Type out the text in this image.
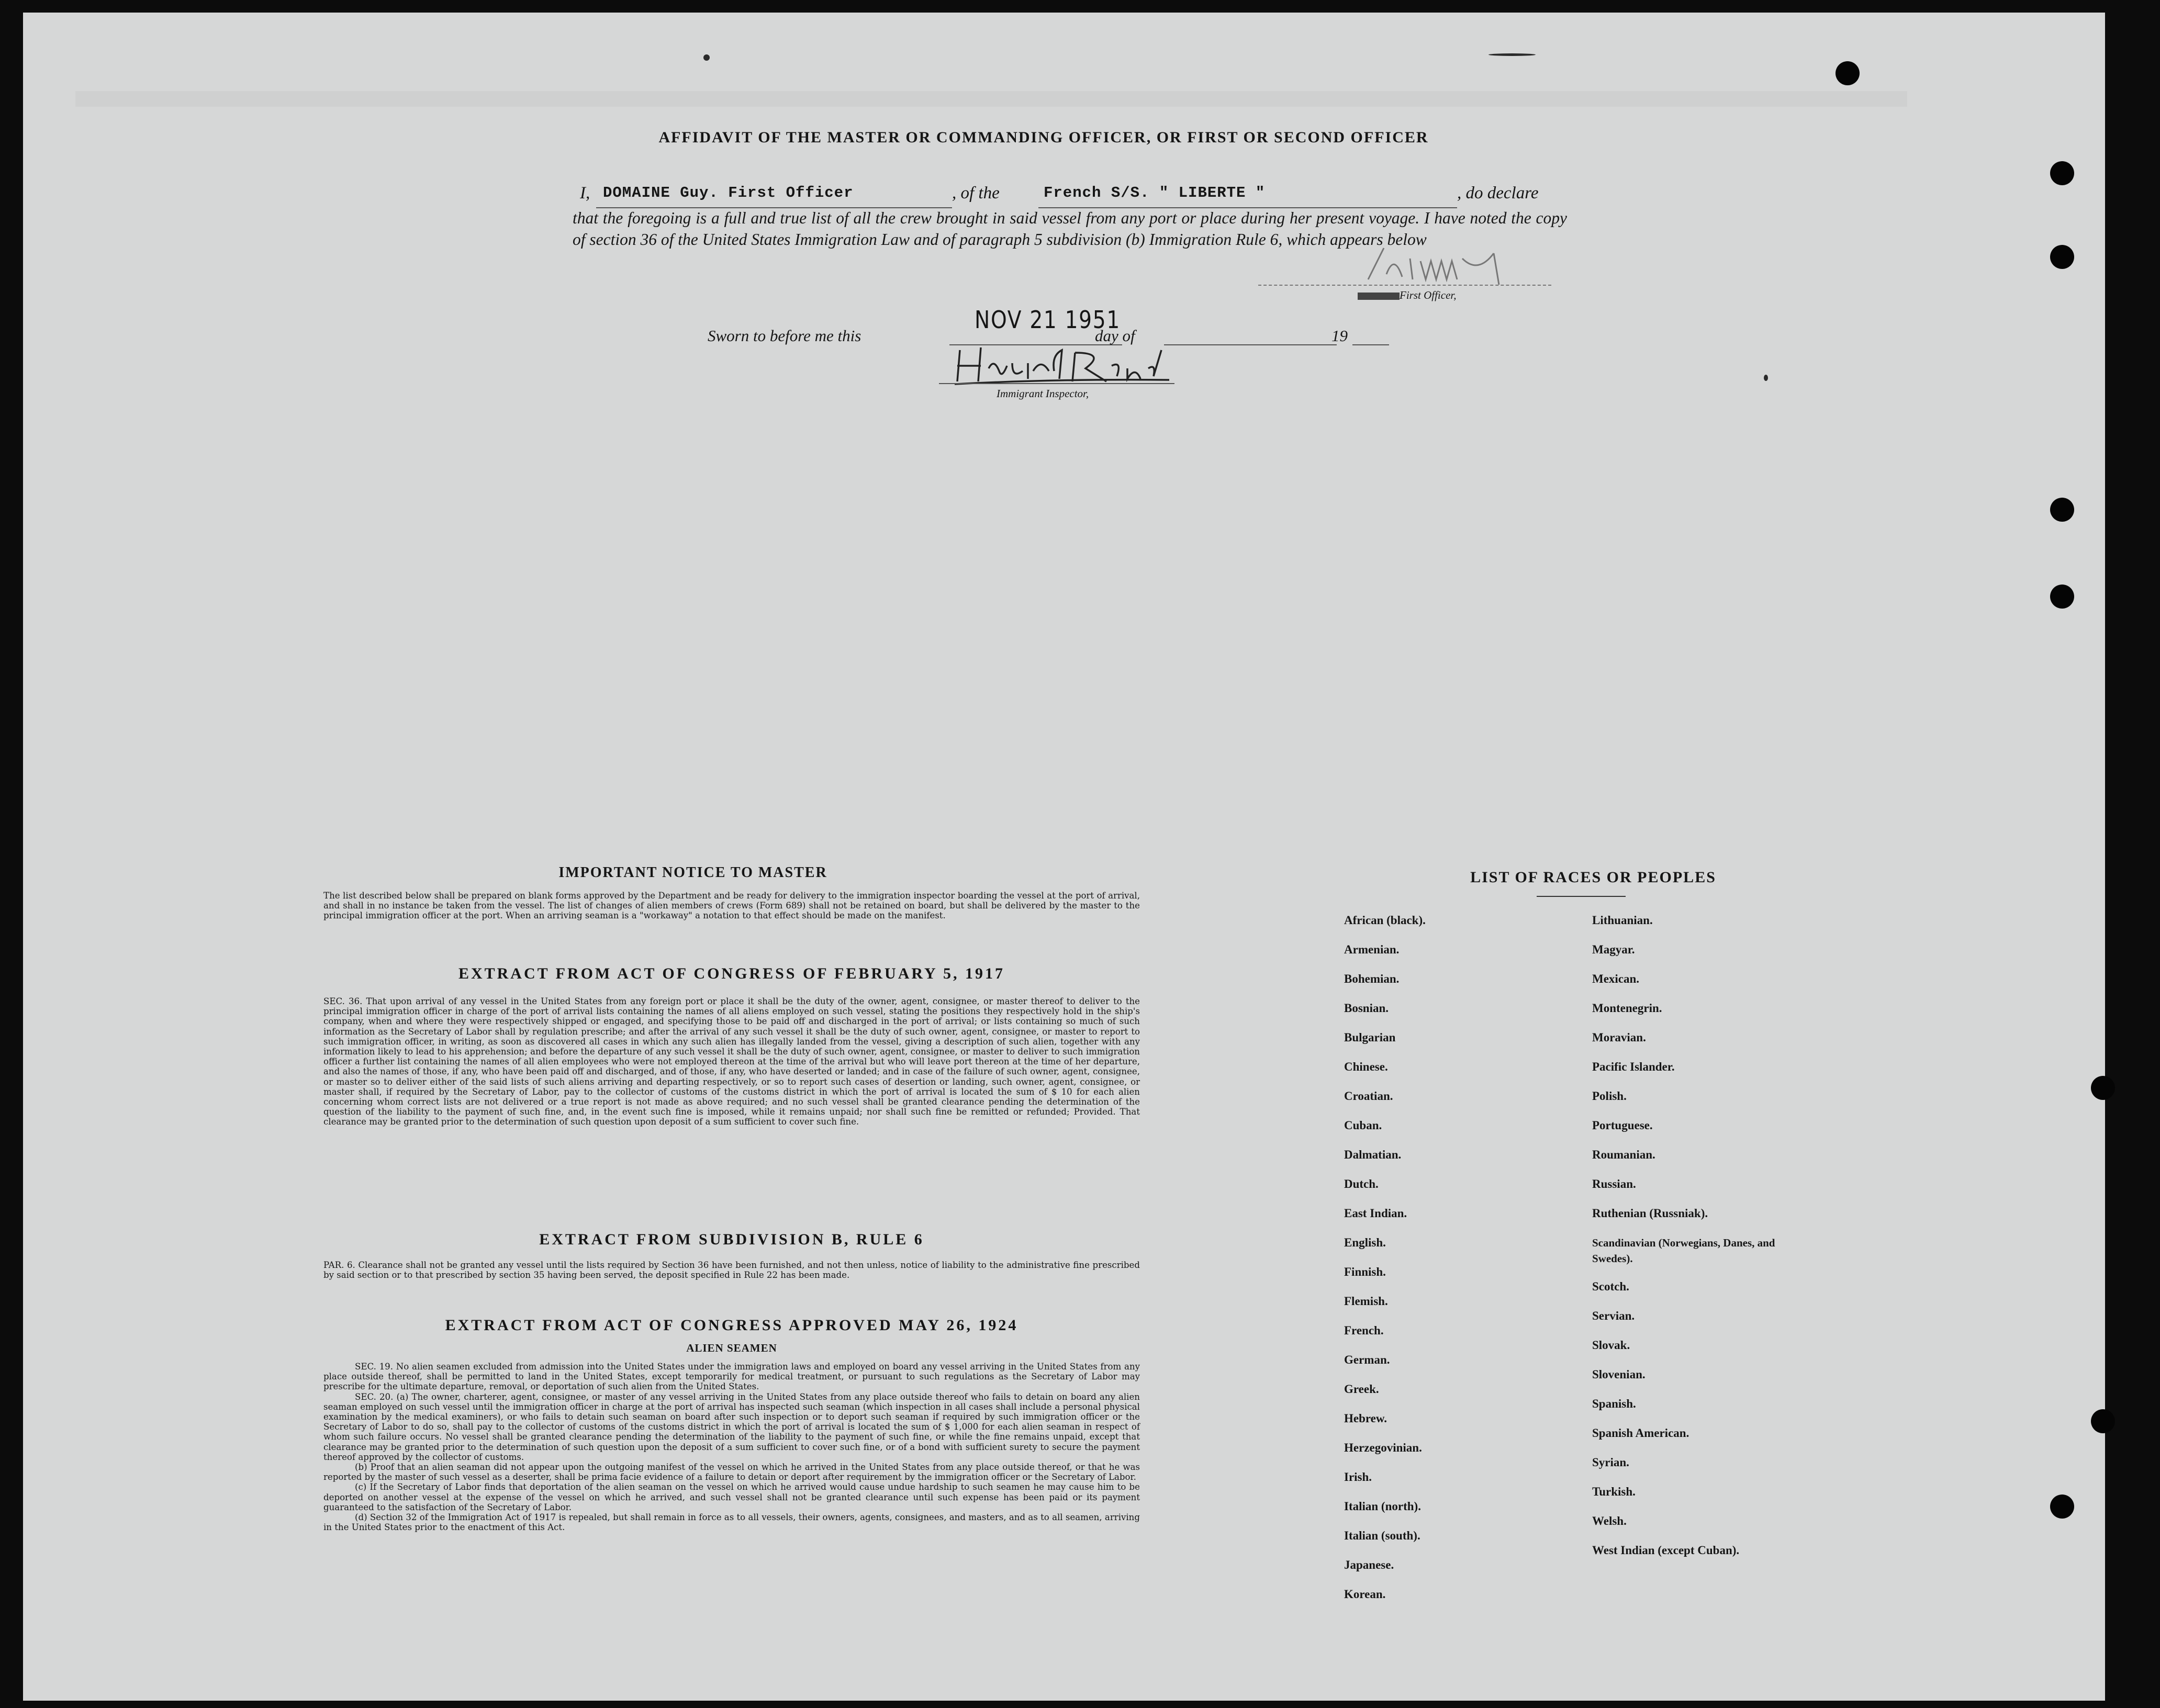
AFFIDAVIT OF THE MASTER OR COMMANDING OFFICER, OR FIRST OR SECOND OFFICER
I, DOMAINE Guy. First Officer	, of the	French S/S. " LIBERTE "	, do declare

that the foregoing is a full and true list of all the crew brought in said vessel from any port or place during her present voyage. I have noted the copy of section 36 of the United States Immigration Law and of paragraph 5 subdivision (b) Immigration Rule 6, which appears below

First Officer,
Sworn to before me this
NOV 21 1951
day of	19
Immigrant Inspector,
IMPORTANT NOTICE TO MASTER

The list described below shall be prepared on blank forms approved by the Department and be ready for delivery to the immigration inspector boarding the vessel at the port of arrival, and shall in no instance be taken from the vessel. The list of changes of alien members of crews (Form 689) shall not be retained on board, but shall be delivered by the master to the principal immigration officer at the port. When an arriving seaman is a "workaway" a notation to that effect should be made on the manifest.

EXTRACT FROM ACT OF CONGRESS OF FEBRUARY 5, 1917

SEC. 36. That upon arrival of any vessel in the United States from any foreign port or place it shall be the duty of the owner, agent, consignee, or master thereof to deliver to the principal immigration officer in charge of the port of arrival lists containing the names of all aliens employed on such vessel, stating the positions they respectively hold in the ship's company, when and where they were respectively shipped or engaged, and specifying those to be paid off and discharged in the port of arrival; or lists containing so much of such information as the Secretary of Labor shall by regulation prescribe; and after the arrival of any such vessel it shall be the duty of such owner, agent, consignee, or master to report to such immigration officer, in writing, as soon as discovered all cases in which any such alien has illegally landed from the vessel, giving a description of such alien, together with any information likely to lead to his apprehension; and before the departure of any such vessel it shall be the duty of such owner, agent, consignee, or master to deliver to such immigration officer a further list containing the names of all alien employees who were not employed thereon at the time of the arrival but who will leave port thereon at the time of her departure, and also the names of those, if any, who have been paid off and discharged, and of those, if any, who have deserted or landed; and in case of the failure of such owner, agent, consignee, or master so to deliver either of the said lists of such aliens arriving and departing respectively, or so to report such cases of desertion or landing, such owner, agent, consignee, or master shall, if required by the Secretary of Labor, pay to the collector of customs of the customs district in which the port of arrival is located the sum of $ 10 for each alien concerning whom correct lists are not delivered or a true report is not made as above required; and no such vessel shall be granted clearance pending the determination of the question of the liability to the payment of such fine, and, in the event such fine is imposed, while it remains unpaid; nor shall such fine be remitted or refunded; Provided. That clearance may be granted prior to the determination of such question upon deposit of a sum sufficient to cover such fine.

EXTRACT FROM SUBDIVISION B, RULE 6

PAR. 6. Clearance shall not be granted any vessel until the lists required by Section 36 have been furnished, and not then unless, notice of liability to the administrative fine prescribed by said section or to that prescribed by section 35 having been served, the deposit specified in Rule 22 has been made.

EXTRACT FROM ACT OF CONGRESS APPROVED MAY 26, 1924
ALIEN SEAMEN

SEC. 19. No alien seamen excluded from admission into the United States under the immigration laws and employed on board any vessel arriving in the United States from any place outside thereof, shall be permitted to land in the United States, except temporarily for medical treatment, or pursuant to such regulations as the Secretary of Labor may prescribe for the ultimate departure, removal, or deportation of such alien from the United States.

SEC. 20. (a) The owner, charterer, agent, consignee, or master of any vessel arriving in the United States from any place outside thereof who fails to detain on board any alien seaman employed on such vessel until the immigration officer in charge at the port of arrival has inspected such seaman (which inspection in all cases shall include a personal physical examination by the medical examiners), or who fails to detain such seaman on board after such inspection or to deport such seaman if required by such immigration officer or the Secretary of Labor to do so, shall pay to the collector of customs of the customs district in which the port of arrival is located the sum of $ 1,000 for each alien seaman in respect of whom such failure occurs. No vessel shall be granted clearance pending the determination of the liability to the payment of such fine, or while the fine remains unpaid, except that clearance may be granted prior to the determination of such question upon the deposit of a sum sufficient to cover such fine, or of a bond with sufficient surety to secure the payment thereof approved by the collector of customs.

(b) Proof that an alien seaman did not appear upon the outgoing manifest of the vessel on which he arrived in the United States from any place outside thereof, or that he was reported by the master of such vessel as a deserter, shall be prima facie evidence of a failure to detain or deport after requirement by the immigration officer or the Secretary of Labor.

(c) If the Secretary of Labor finds that deportation of the alien seaman on the vessel on which he arrived would cause undue hardship to such seamen he may cause him to be deported on another vessel at the expense of the vessel on which he arrived, and such vessel shall not be granted clearance until such expense has been paid or its payment guaranteed to the satisfaction of the Secretary of Labor.

(d) Section 32 of the Immigration Act of 1917 is repealed, but shall remain in force as to all vessels, their owners, agents, consignees, and masters, and as to all seamen, arriving in the United States prior to the enactment of this Act.

LIST OF RACES OR PEOPLES
African (black).
Armenian.
Bohemian.
Bosnian.
Bulgarian
Chinese.
Croatian.
Cuban.
Dalmatian.
Dutch.
East Indian.
English.
Finnish.
Flemish.
French.
German.
Greek.
Hebrew.
Herzegovinian.
Irish.
Italian (north).
Italian (south).
Japanese.
Korean.
Lithuanian.
Magyar.
Mexican.
Montenegrin.
Moravian.
Pacific Islander.
Polish.
Portuguese.
Roumanian.
Russian.
Ruthenian (Russniak).
Scandinavian (Norwegians, Danes, and Swedes).
Scotch.
Servian.
Slovak.
Slovenian.
Spanish.
Spanish American.
Syrian.
Turkish.
Welsh.
West Indian (except Cuban).
